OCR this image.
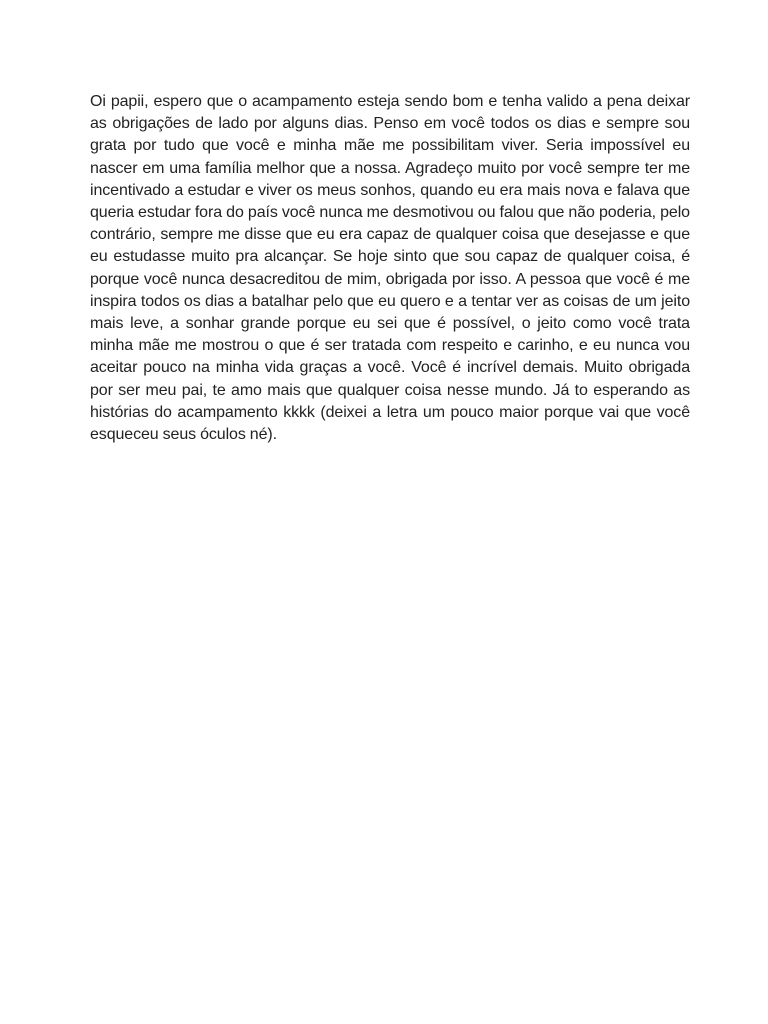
Oi papii, espero que o acampamento esteja sendo bom e tenha valido a pena deixar as obrigações de lado por alguns dias. Penso em você todos os dias e sempre sou grata por tudo que você e minha mãe me possibilitam viver. Seria impossível eu nascer em uma família melhor que a nossa. Agradeço muito por você sempre ter me incentivado a estudar e viver os meus sonhos, quando eu era mais nova e falava que queria estudar fora do país você nunca me desmotivou ou falou que não poderia, pelo contrário, sempre me disse que eu era capaz de qualquer coisa que desejasse e que eu estudasse muito pra alcançar. Se hoje sinto que sou capaz de qualquer coisa, é porque você nunca desacreditou de mim, obrigada por isso. A pessoa que você é me inspira todos os dias a batalhar pelo que eu quero e a tentar ver as coisas de um jeito mais leve, a sonhar grande porque eu sei que é possível, o jeito como você trata minha mãe me mostrou o que é ser tratada com respeito e carinho, e eu nunca vou aceitar pouco na minha vida graças a você. Você é incrível demais. Muito obrigada por ser meu pai, te amo mais que qualquer coisa nesse mundo. Já to esperando as histórias do acampamento kkkk (deixei a letra um pouco maior porque vai que você esqueceu seus óculos né).
